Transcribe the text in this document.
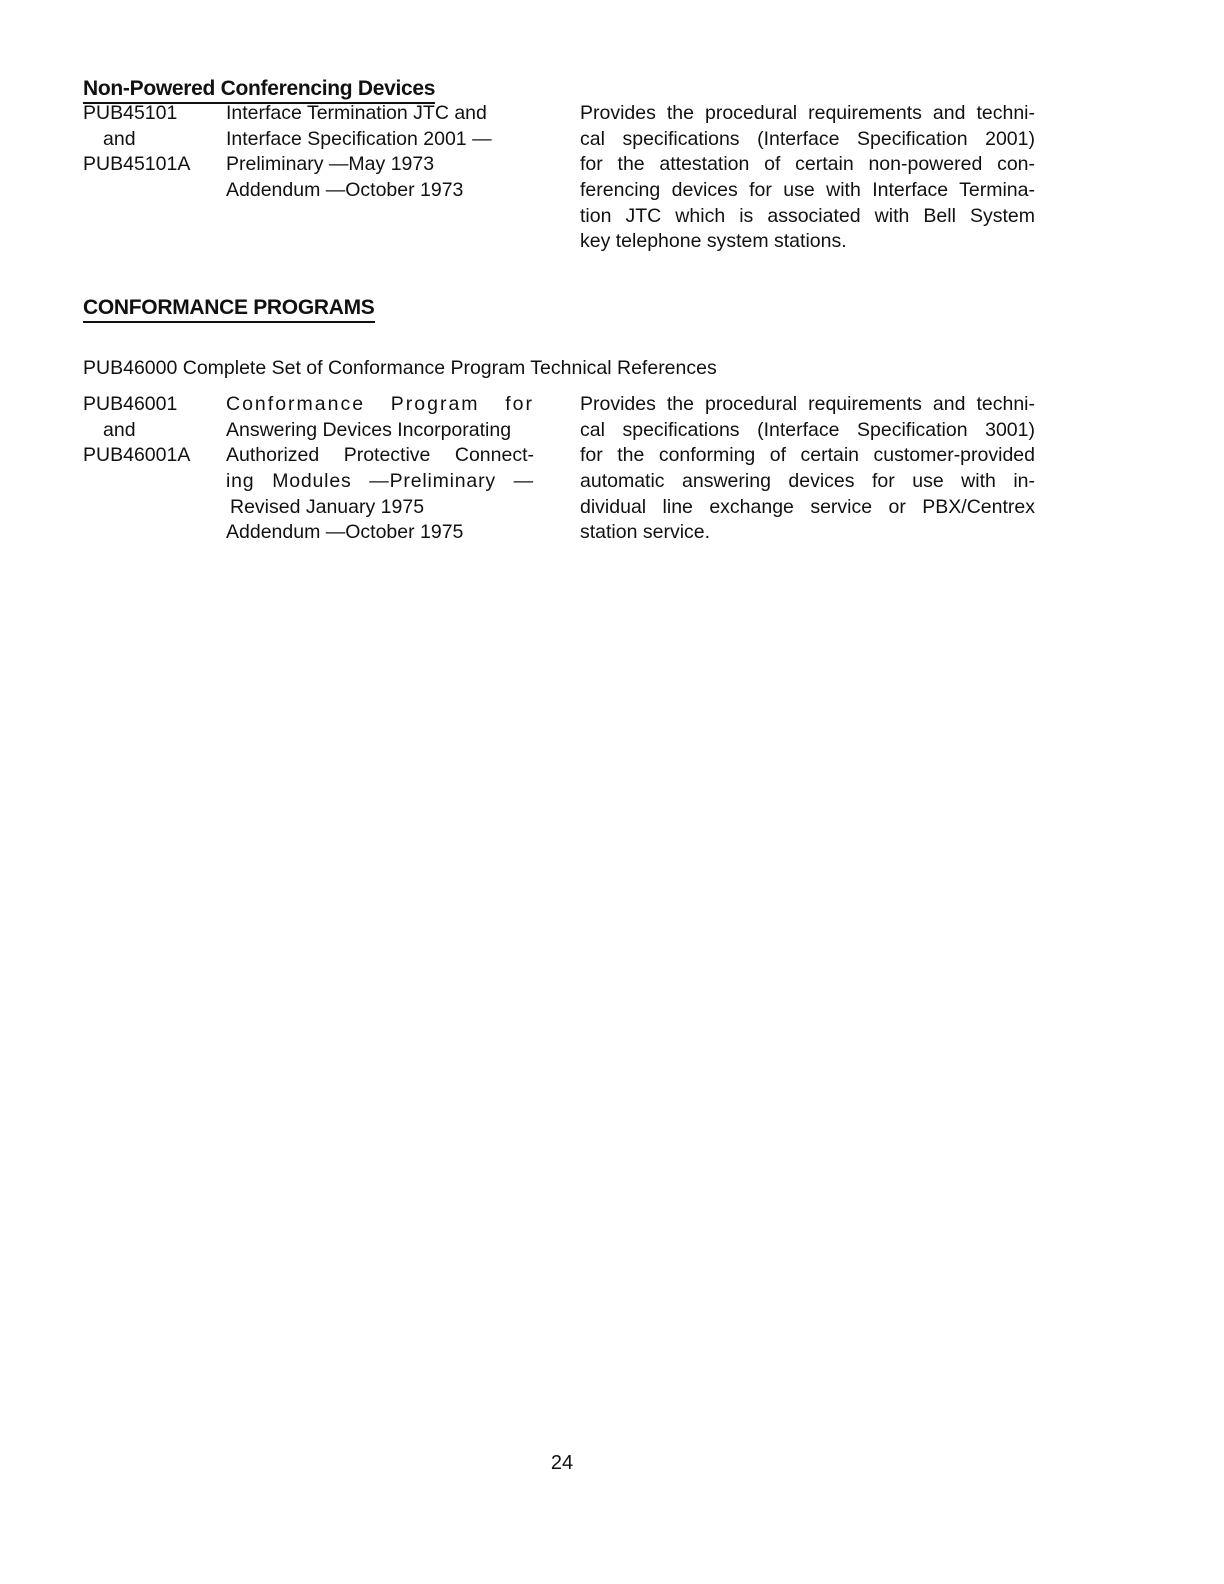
Non-Powered Conferencing Devices
PUB45101
and
PUB45101A
Interface Termination JTC and
Interface Specification 2001 —
Preliminary —May 1973
Addendum —October 1973
Provides the procedural requirements and techni-
cal specifications (Interface Specification 2001)
for the attestation of certain non-powered con-
ferencing devices for use with Interface Termina-
tion JTC which is associated with Bell System
key telephone system stations.
CONFORMANCE PROGRAMS
PUB46000 Complete Set of Conformance Program Technical References
PUB46001
and
PUB46001A
Conformance Program for
Answering Devices Incorporating
Authorized Protective Connect-
ing Modules —Preliminary —
Revised January 1975
Addendum —October 1975
Provides the procedural requirements and techni-
cal specifications (Interface Specification 3001)
for the conforming of certain customer-provided
automatic answering devices for use with in-
dividual line exchange service or PBX/Centrex
station service.
24
